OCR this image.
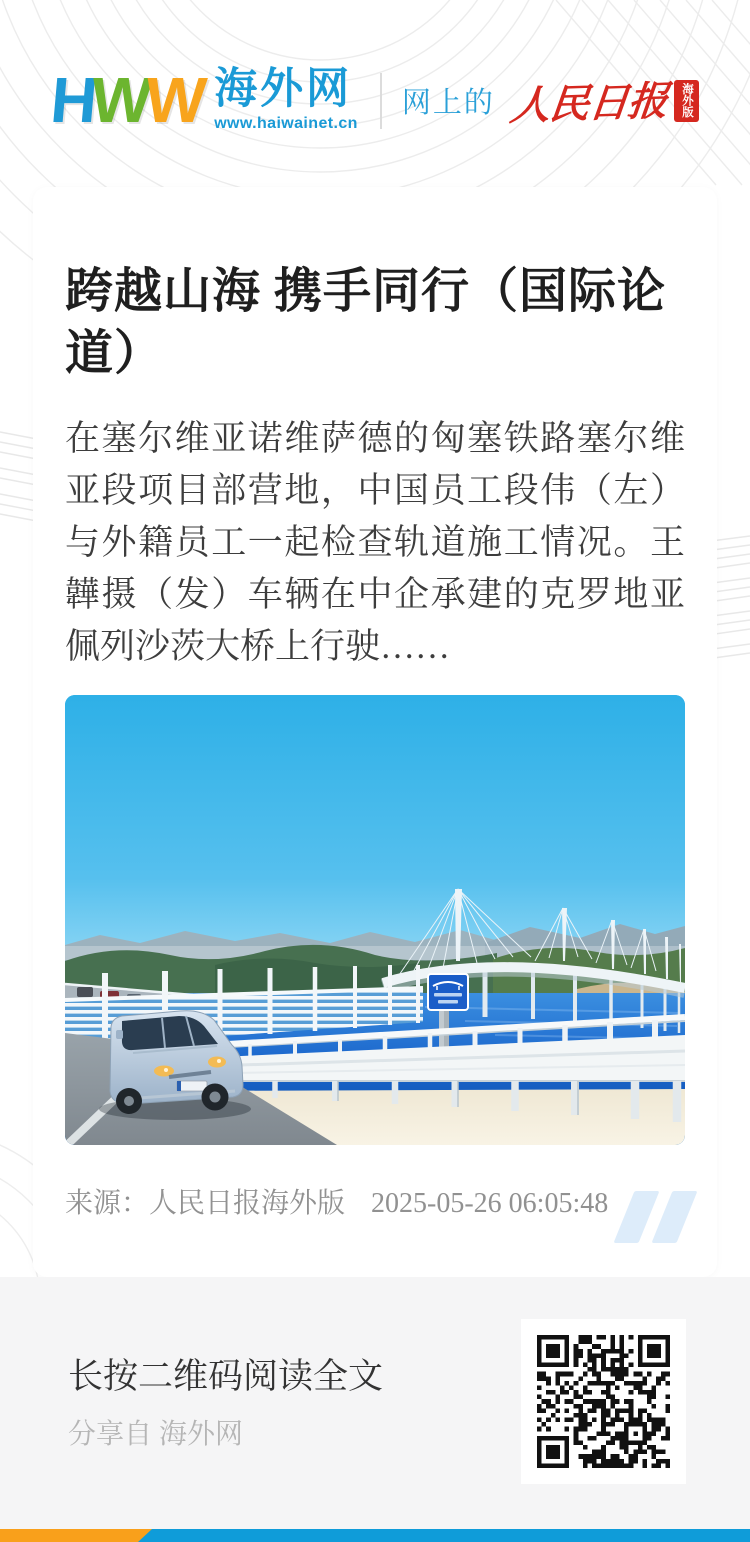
H
W
W 海外网
www.haiwainet.cn
网上的 人民日报	海外版
跨越山海 携手同行（国际论道）

在塞尔维亚诺维萨德的匈塞铁路塞尔维亚段项目部营地，中国员工段伟（左）与外籍员工一起检查轨道施工情况。王韡摄（发）车辆在中企承建的克罗地亚佩列沙茨大桥上行驶……

来源：人民日报海外版 2025-05-26 06:05:48
长按二维码阅读全文
分享自 海外网
